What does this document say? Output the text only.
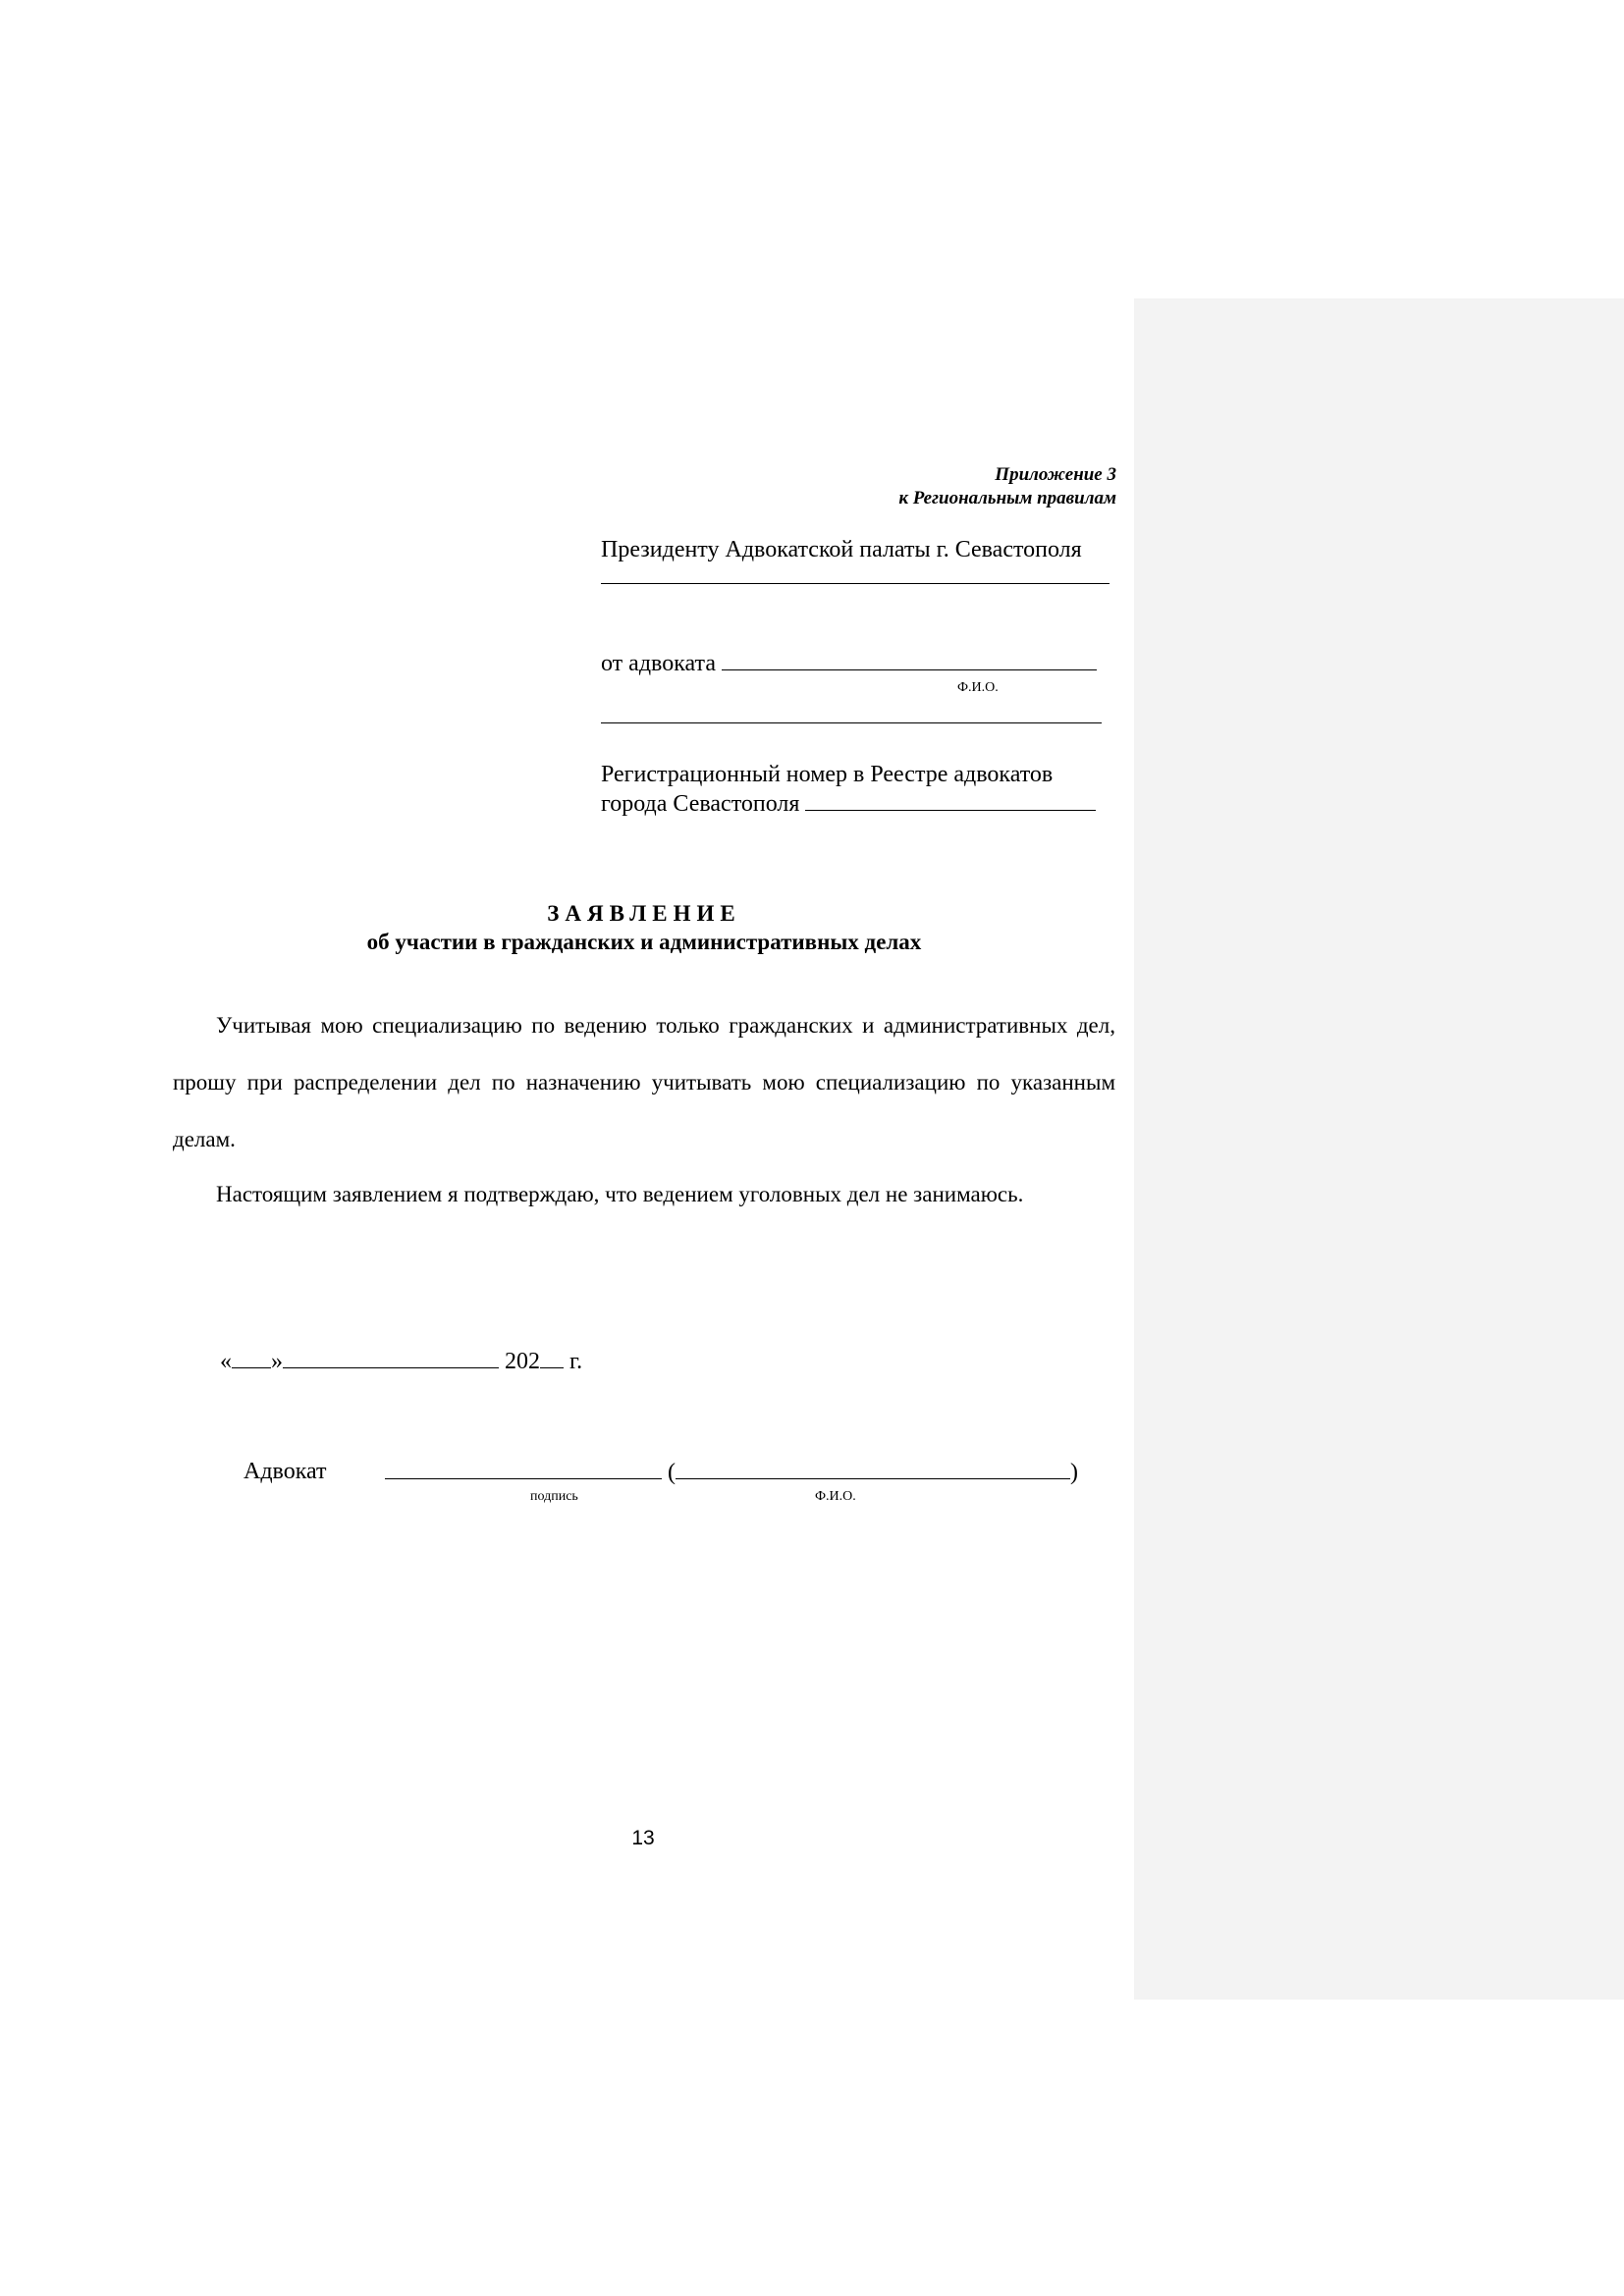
Приложение 3
к Региональным правилам
Президенту Адвокатской палаты г. Севастополя
от адвоката
Ф.И.О.
Регистрационный номер в Реестре адвокатов
города Севастополя
ЗАЯВЛЕНИЕ
об участии в гражданских и административных делах

Учитывая мою специализацию по ведению только гражданских и административных дел, прошу при распределении дел по назначению учитывать мою специализацию по указанным делам.

Настоящим заявлением я подтверждаю, что ведением уголовных дел не занимаюсь.

« »	202 г.
Адвокат	(	)
подпись	Ф.И.О.
13
